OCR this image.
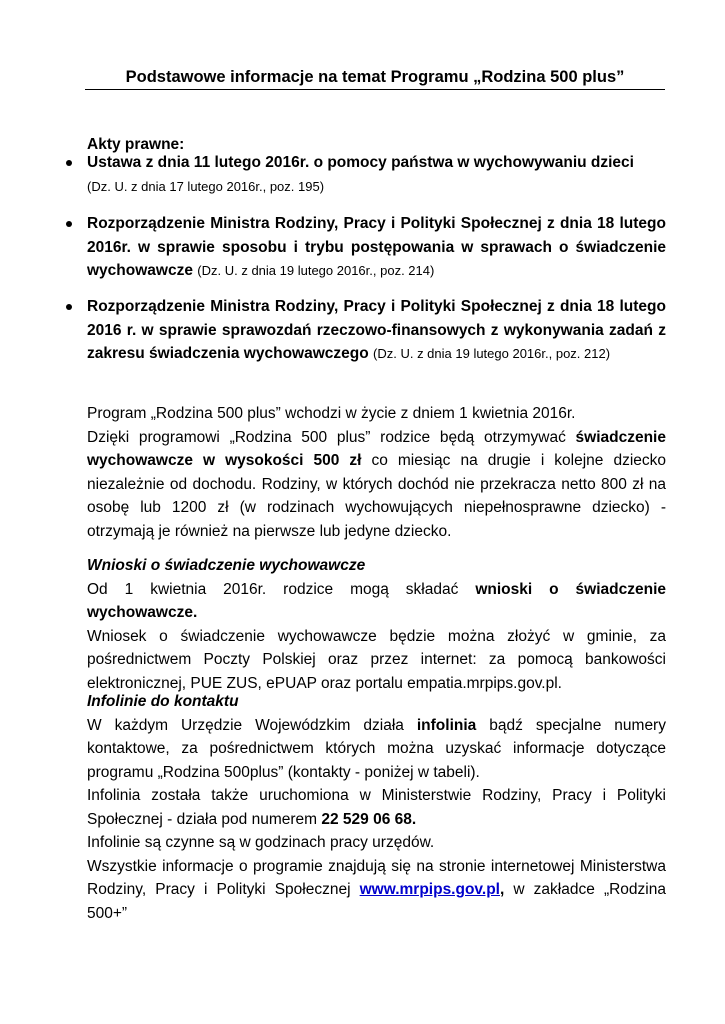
Podstawowe informacje na temat Programu „Rodzina 500 plus”
Akty prawne:
Ustawa z dnia 11 lutego 2016r. o pomocy państwa w wychowywaniu dzieci
(Dz. U. z dnia 17 lutego 2016r., poz. 195)
Rozporządzenie Ministra Rodziny, Pracy i Polityki Społecznej z dnia 18 lutego 2016r. w sprawie sposobu i trybu postępowania w sprawach o świadczenie wychowawcze (Dz. U. z dnia 19 lutego 2016r., poz. 214)
Rozporządzenie Ministra Rodziny, Pracy i Polityki Społecznej z dnia 18 lutego 2016 r. w sprawie sprawozdań rzeczowo-finansowych z wykonywania zadań z zakresu świadczenia wychowawczego (Dz. U. z dnia 19 lutego 2016r., poz. 212)
Program „Rodzina 500 plus” wchodzi w życie z dniem 1 kwietnia 2016r.
Dzięki programowi „Rodzina 500 plus” rodzice będą otrzymywać świadczenie wychowawcze w wysokości 500 zł co miesiąc na drugie i kolejne dziecko niezależnie od dochodu. Rodziny, w których dochód nie przekracza netto 800 zł na osobę lub 1200 zł (w rodzinach wychowujących niepełnosprawne dziecko) - otrzymają je również na pierwsze lub jedyne dziecko.
Wnioski o świadczenie wychowawcze
Od 1 kwietnia 2016r. rodzice mogą składać wnioski o świadczenie wychowawcze.
Wniosek o świadczenie wychowawcze będzie można złożyć w gminie, za pośrednictwem Poczty Polskiej oraz przez internet: za pomocą bankowości elektronicznej, PUE ZUS, ePUAP oraz portalu empatia.mrpips.gov.pl.
Infolinie do kontaktu
W każdym Urzędzie Wojewódzkim działa infolinia bądź specjalne numery kontaktowe, za pośrednictwem których można uzyskać informacje dotyczące programu „Rodzina 500plus” (kontakty - poniżej w tabeli).
Infolinia została także uruchomiona w Ministerstwie Rodziny, Pracy i Polityki Społecznej - działa pod numerem 22 529 06 68.
Infolinie są czynne są w godzinach pracy urzędów.
Wszystkie informacje o programie znajdują się na stronie internetowej Ministerstwa Rodziny, Pracy i Polityki Społecznej www.mrpips.gov.pl, w zakładce „Rodzina 500+”
